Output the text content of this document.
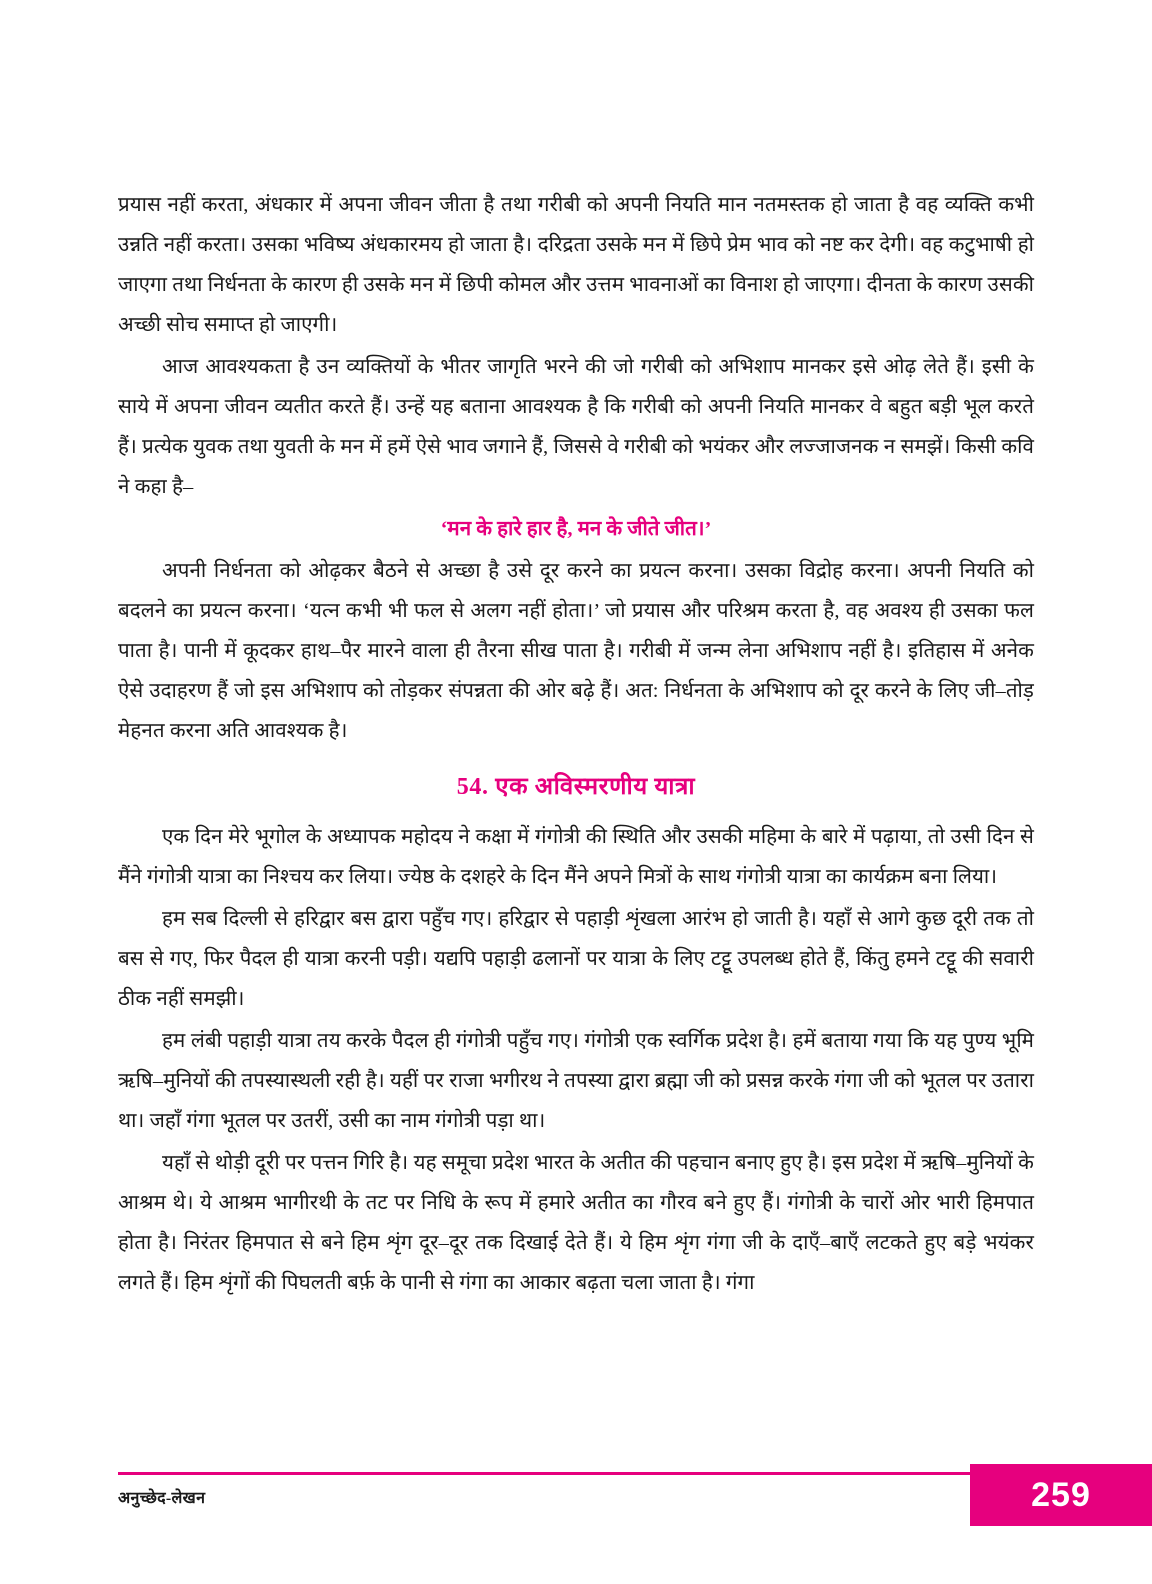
प्रयास नहीं करता, अंधकार में अपना जीवन जीता है तथा गरीबी को अपनी नियति मान नतमस्तक हो जाता है वह व्यक्ति कभी उन्नति नहीं करता। उसका भविष्य अंधकारमय हो जाता है। दरिद्रता उसके मन में छिपे प्रेम भाव को नष्ट कर देगी। वह कटुभाषी हो जाएगा तथा निर्धनता के कारण ही उसके मन में छिपी कोमल और उत्तम भावनाओं का विनाश हो जाएगा। दीनता के कारण उसकी अच्छी सोच समाप्त हो जाएगी।

आज आवश्यकता है उन व्यक्तियों के भीतर जागृति भरने की जो गरीबी को अभिशाप मानकर इसे ओढ़ लेते हैं। इसी के साये में अपना जीवन व्यतीत करते हैं। उन्हें यह बताना आवश्यक है कि गरीबी को अपनी नियति मानकर वे बहुत बड़ी भूल करते हैं। प्रत्येक युवक तथा युवती के मन में हमें ऐसे भाव जगाने हैं, जिससे वे गरीबी को भयंकर और लज्जाजनक न समझें। किसी कवि ने कहा है–

‘मन के हारे हार है, मन के जीते जीत।’

अपनी निर्धनता को ओढ़कर बैठने से अच्छा है उसे दूर करने का प्रयत्न करना। उसका विद्रोह करना। अपनी नियति को बदलने का प्रयत्न करना। ‘यत्न कभी भी फल से अलग नहीं होता।’ जो प्रयास और परिश्रम करता है, वह अवश्य ही उसका फल पाता है। पानी में कूदकर हाथ–पैर मारने वाला ही तैरना सीख पाता है। गरीबी में जन्म लेना अभिशाप नहीं है। इतिहास में अनेक ऐसे उदाहरण हैं जो इस अभिशाप को तोड़कर संपन्नता की ओर बढ़े हैं। अत: निर्धनता के अभिशाप को दूर करने के लिए जी–तोड़ मेहनत करना अति आवश्यक है।

54. एक अविस्मरणीय यात्रा

एक दिन मेरे भूगोल के अध्यापक महोदय ने कक्षा में गंगोत्री की स्थिति और उसकी महिमा के बारे में पढ़ाया, तो उसी दिन से मैंने गंगोत्री यात्रा का निश्चय कर लिया। ज्येष्ठ के दशहरे के दिन मैंने अपने मित्रों के साथ गंगोत्री यात्रा का कार्यक्रम बना लिया।

हम सब दिल्ली से हरिद्वार बस द्वारा पहुँच गए। हरिद्वार से पहाड़ी शृंखला आरंभ हो जाती है। यहाँ से आगे कुछ दूरी तक तो बस से गए, फिर पैदल ही यात्रा करनी पड़ी। यद्यपि पहाड़ी ढलानों पर यात्रा के लिए टट्टू उपलब्ध होते हैं, किंतु हमने टट्टू की सवारी ठीक नहीं समझी।

हम लंबी पहाड़ी यात्रा तय करके पैदल ही गंगोत्री पहुँच गए। गंगोत्री एक स्वर्गिक प्रदेश है। हमें बताया गया कि यह पुण्य भूमि ऋषि–मुनियों की तपस्यास्थली रही है। यहीं पर राजा भगीरथ ने तपस्या द्वारा ब्रह्मा जी को प्रसन्न करके गंगा जी को भूतल पर उतारा था। जहाँ गंगा भूतल पर उतरीं, उसी का नाम गंगोत्री पड़ा था।

यहाँ से थोड़ी दूरी पर पत्तन गिरि है। यह समूचा प्रदेश भारत के अतीत की पहचान बनाए हुए है। इस प्रदेश में ऋषि–मुनियों के आश्रम थे। ये आश्रम भागीरथी के तट पर निधि के रूप में हमारे अतीत का गौरव बने हुए हैं। गंगोत्री के चारों ओर भारी हिमपात होता है। निरंतर हिमपात से बने हिम शृंग दूर–दूर तक दिखाई देते हैं। ये हिम शृंग गंगा जी के दाएँ–बाएँ लटकते हुए बड़े भयंकर लगते हैं। हिम शृंगों की पिघलती बर्फ़ के पानी से गंगा का आकार बढ़ता चला जाता है। गंगा

अनुच्छेद-लेखन	259
